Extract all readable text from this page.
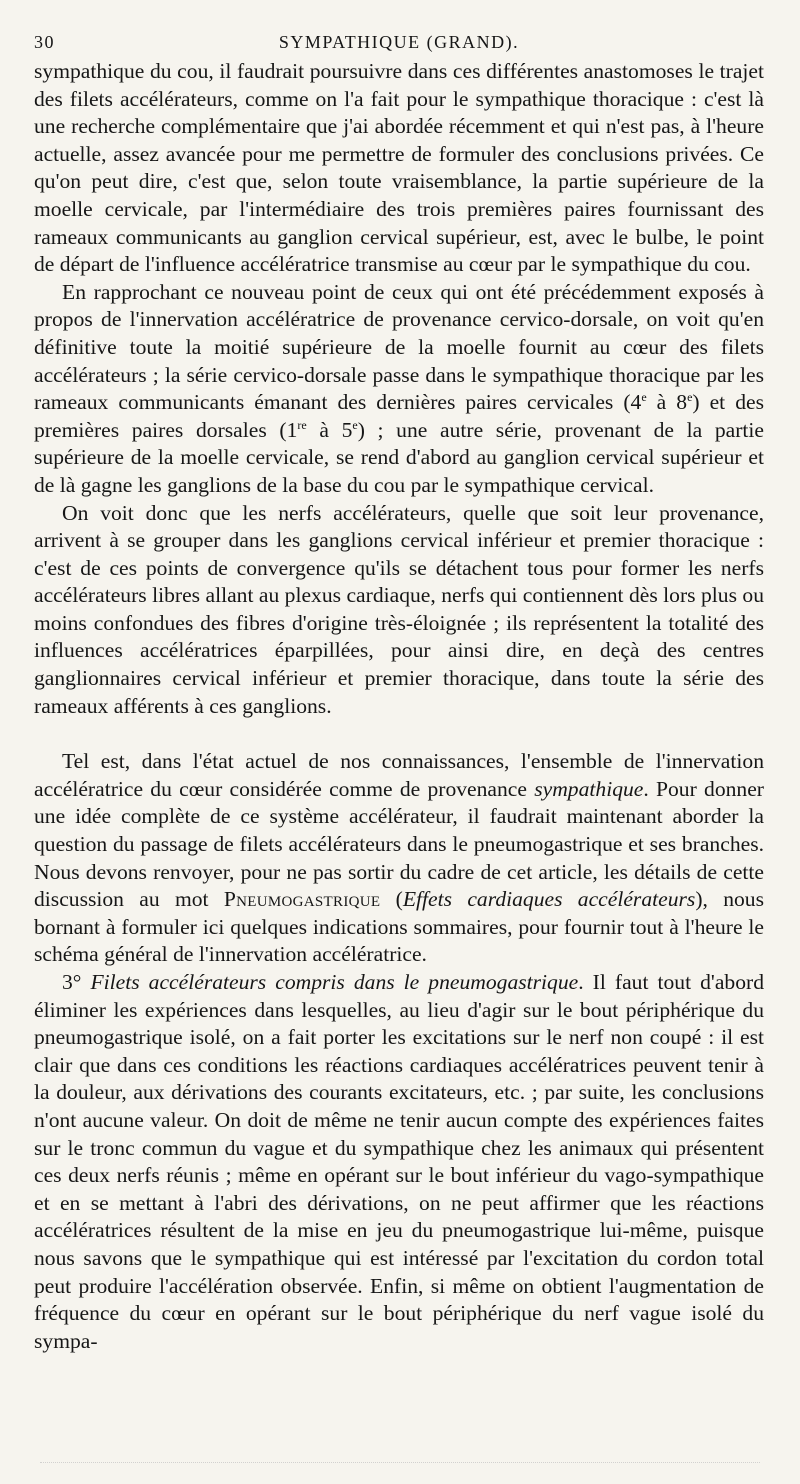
30	SYMPATHIQUE (GRAND).

sympathique du cou, il faudrait poursuivre dans ces différentes anastomoses le trajet des filets accélérateurs, comme on l'a fait pour le sympathique thoracique : c'est là une recherche complémentaire que j'ai abordée récemment et qui n'est pas, à l'heure actuelle, assez avancée pour me permettre de formuler des conclusions privées. Ce qu'on peut dire, c'est que, selon toute vraisemblance, la partie supérieure de la moelle cervicale, par l'intermédiaire des trois premières paires fournissant des rameaux communicants au ganglion cervical supérieur, est, avec le bulbe, le point de départ de l'influence accélératrice transmise au cœur par le sympathique du cou.

En rapprochant ce nouveau point de ceux qui ont été précédemment exposés à propos de l'innervation accélératrice de provenance cervico-dorsale, on voit qu'en définitive toute la moitié supérieure de la moelle fournit au cœur des filets accélérateurs ; la série cervico-dorsale passe dans le sympathique thoracique par les rameaux communicants émanant des dernières paires cervicales (4e à 8e) et des premières paires dorsales (1re à 5e) ; une autre série, provenant de la partie supérieure de la moelle cervicale, se rend d'abord au ganglion cervical supérieur et de là gagne les ganglions de la base du cou par le sympathique cervical.

On voit donc que les nerfs accélérateurs, quelle que soit leur provenance, arrivent à se grouper dans les ganglions cervical inférieur et premier thoracique : c'est de ces points de convergence qu'ils se détachent tous pour former les nerfs accélérateurs libres allant au plexus cardiaque, nerfs qui contiennent dès lors plus ou moins confondues des fibres d'origine très-éloignée ; ils représentent la totalité des influences accélératrices éparpillées, pour ainsi dire, en deçà des centres ganglionnaires cervical inférieur et premier thoracique, dans toute la série des rameaux afférents à ces ganglions.

Tel est, dans l'état actuel de nos connaissances, l'ensemble de l'innervation accélératrice du cœur considérée comme de provenance sympathique. Pour donner une idée complète de ce système accélérateur, il faudrait maintenant aborder la question du passage de filets accélérateurs dans le pneumogastrique et ses branches. Nous devons renvoyer, pour ne pas sortir du cadre de cet article, les détails de cette discussion au mot Pneumogastrique (Effets cardiaques accélérateurs), nous bornant à formuler ici quelques indications sommaires, pour fournir tout à l'heure le schéma général de l'innervation accélératrice.

3° Filets accélérateurs compris dans le pneumogastrique. Il faut tout d'abord éliminer les expériences dans lesquelles, au lieu d'agir sur le bout périphérique du pneumogastrique isolé, on a fait porter les excitations sur le nerf non coupé : il est clair que dans ces conditions les réactions cardiaques accélératrices peuvent tenir à la douleur, aux dérivations des courants excitateurs, etc. ; par suite, les conclusions n'ont aucune valeur. On doit de même ne tenir aucun compte des expériences faites sur le tronc commun du vague et du sympathique chez les animaux qui présentent ces deux nerfs réunis ; même en opérant sur le bout inférieur du vago-sympathique et en se mettant à l'abri des dérivations, on ne peut affirmer que les réactions accélératrices résultent de la mise en jeu du pneumogastrique lui-même, puisque nous savons que le sympathique qui est intéressé par l'excitation du cordon total peut produire l'accélération observée. Enfin, si même on obtient l'augmentation de fréquence du cœur en opérant sur le bout périphérique du nerf vague isolé du sympa-
